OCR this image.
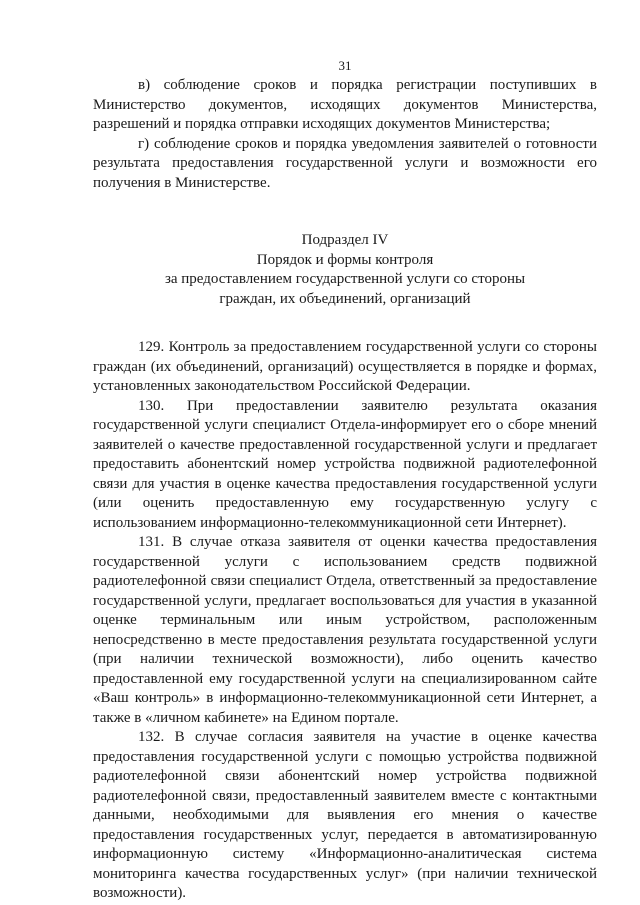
31

в) соблюдение сроков и порядка регистрации поступивших в Министерство документов, исходящих документов Министерства, разрешений и порядка отправки исходящих документов Министерства;

г) соблюдение сроков и порядка уведомления заявителей о готовности результата предоставления государственной услуги и возможности его получения в Министерстве.

Подраздел IV

Порядок и формы контроля

за предоставлением государственной услуги со стороны

граждан, их объединений, организаций

129. Контроль за предоставлением государственной услуги со стороны граждан (их объединений, организаций) осуществляется в порядке и формах, установленных законодательством Российской Федерации.

130. При предоставлении заявителю результата оказания государственной услуги специалист Отдела-информирует его о сборе мнений заявителей о качестве предоставленной государственной услуги и предлагает предоставить абонентский номер устройства подвижной радиотелефонной связи для участия в оценке качества предоставления государственной услуги (или оценить предоставленную ему государственную услугу с использованием информационно-телекоммуникационной сети Интернет).

131. В случае отказа заявителя от оценки качества предоставления государственной услуги с использованием средств подвижной радиотелефонной связи специалист Отдела, ответственный за предоставление государственной услуги, предлагает воспользоваться для участия в указанной оценке терминальным или иным устройством, расположенным непосредственно в месте предоставления результата государственной услуги (при наличии технической возможности), либо оценить качество предоставленной ему государственной услуги на специализированном сайте «Ваш контроль» в информационно-телекоммуникационной сети Интернет, а также в «личном кабинете» на Едином портале.

132. В случае согласия заявителя на участие в оценке качества предоставления государственной услуги с помощью устройства подвижной радиотелефонной связи абонентский номер устройства подвижной радиотелефонной связи, предоставленный заявителем вместе с контактными данными, необходимыми для выявления его мнения о качестве предоставления государственных услуг, передается в автоматизированную информационную систему «Информационно-аналитическая система мониторинга качества государственных услуг» (при наличии технической возможности).
